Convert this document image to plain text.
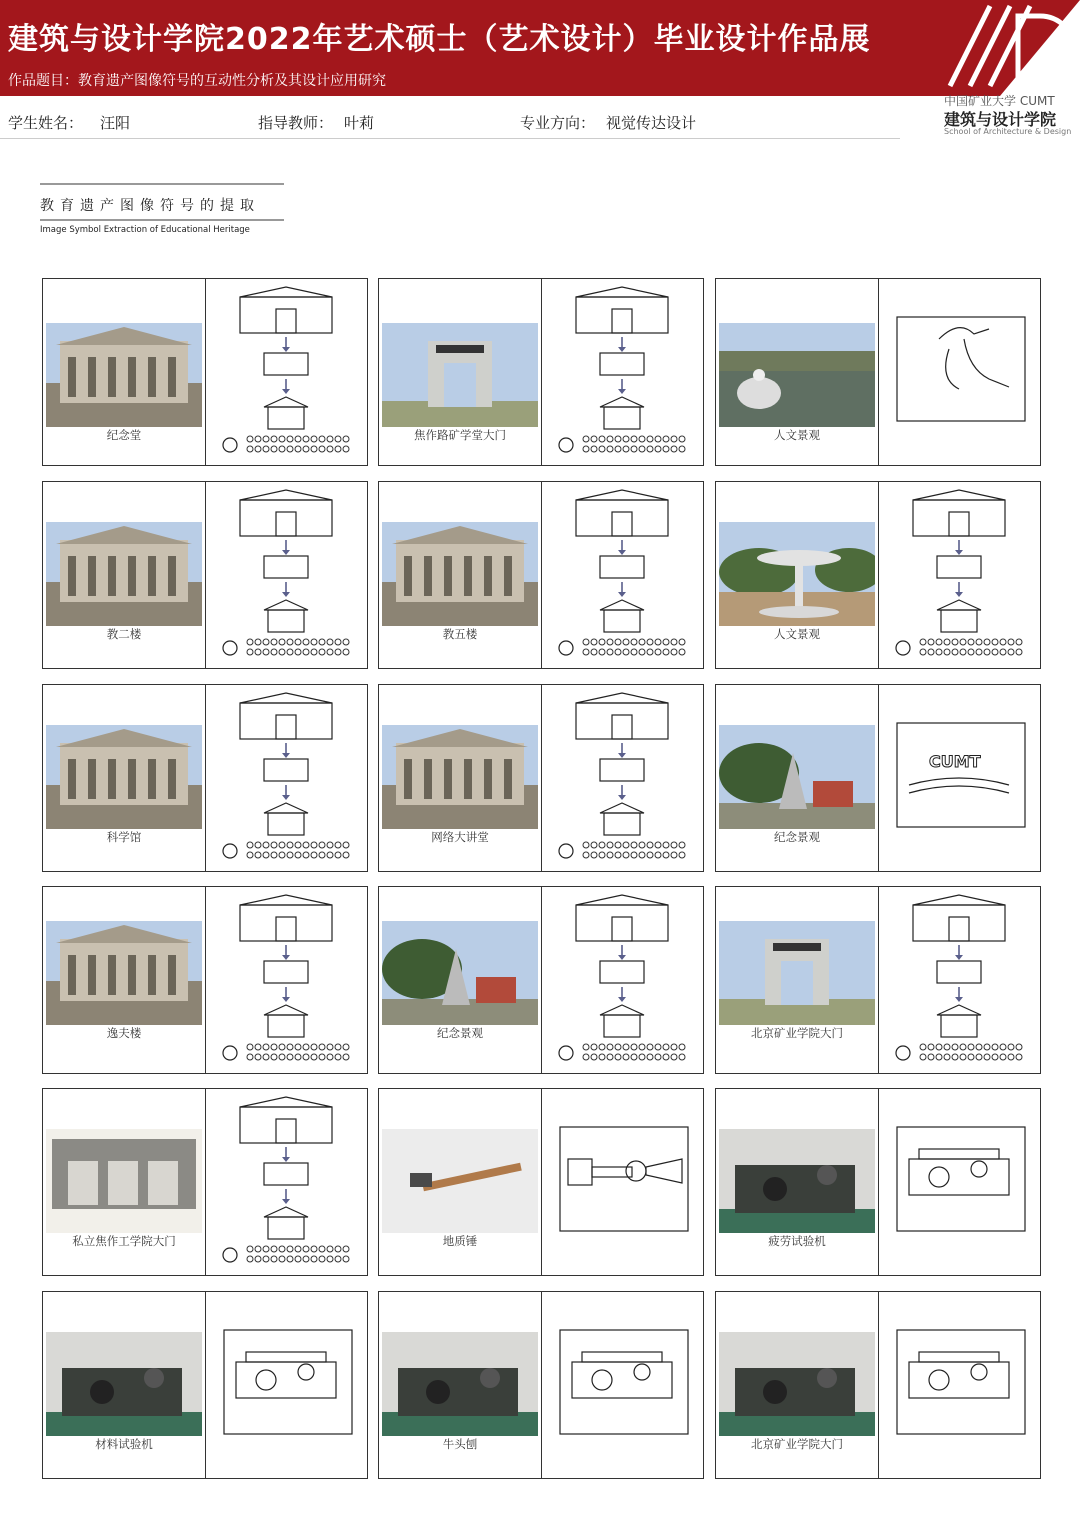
建筑与设计学院2022年艺术硕士（艺术设计）毕业设计作品展
作品题目：教育遗产图像符号的互动性分析及其设计应用研究
学生姓名： 汪阳	指导教师： 叶莉	专业方向： 视觉传达设计
中国矿业大学 CUMT
建筑与设计学院
School of Architecture & Design
教育遗产图像符号的提取
Image Symbol Extraction of Educational Heritage
纪念堂	焦作路矿学堂大门	人文景观
教二楼	教五楼	人文景观
科学馆	网络大讲堂	纪念景观
CUMT
逸夫楼	纪念景观	北京矿业学院大门
私立焦作工学院大门	地质锤	疲劳试验机
材料试验机	牛头刨	北京矿业学院大门
